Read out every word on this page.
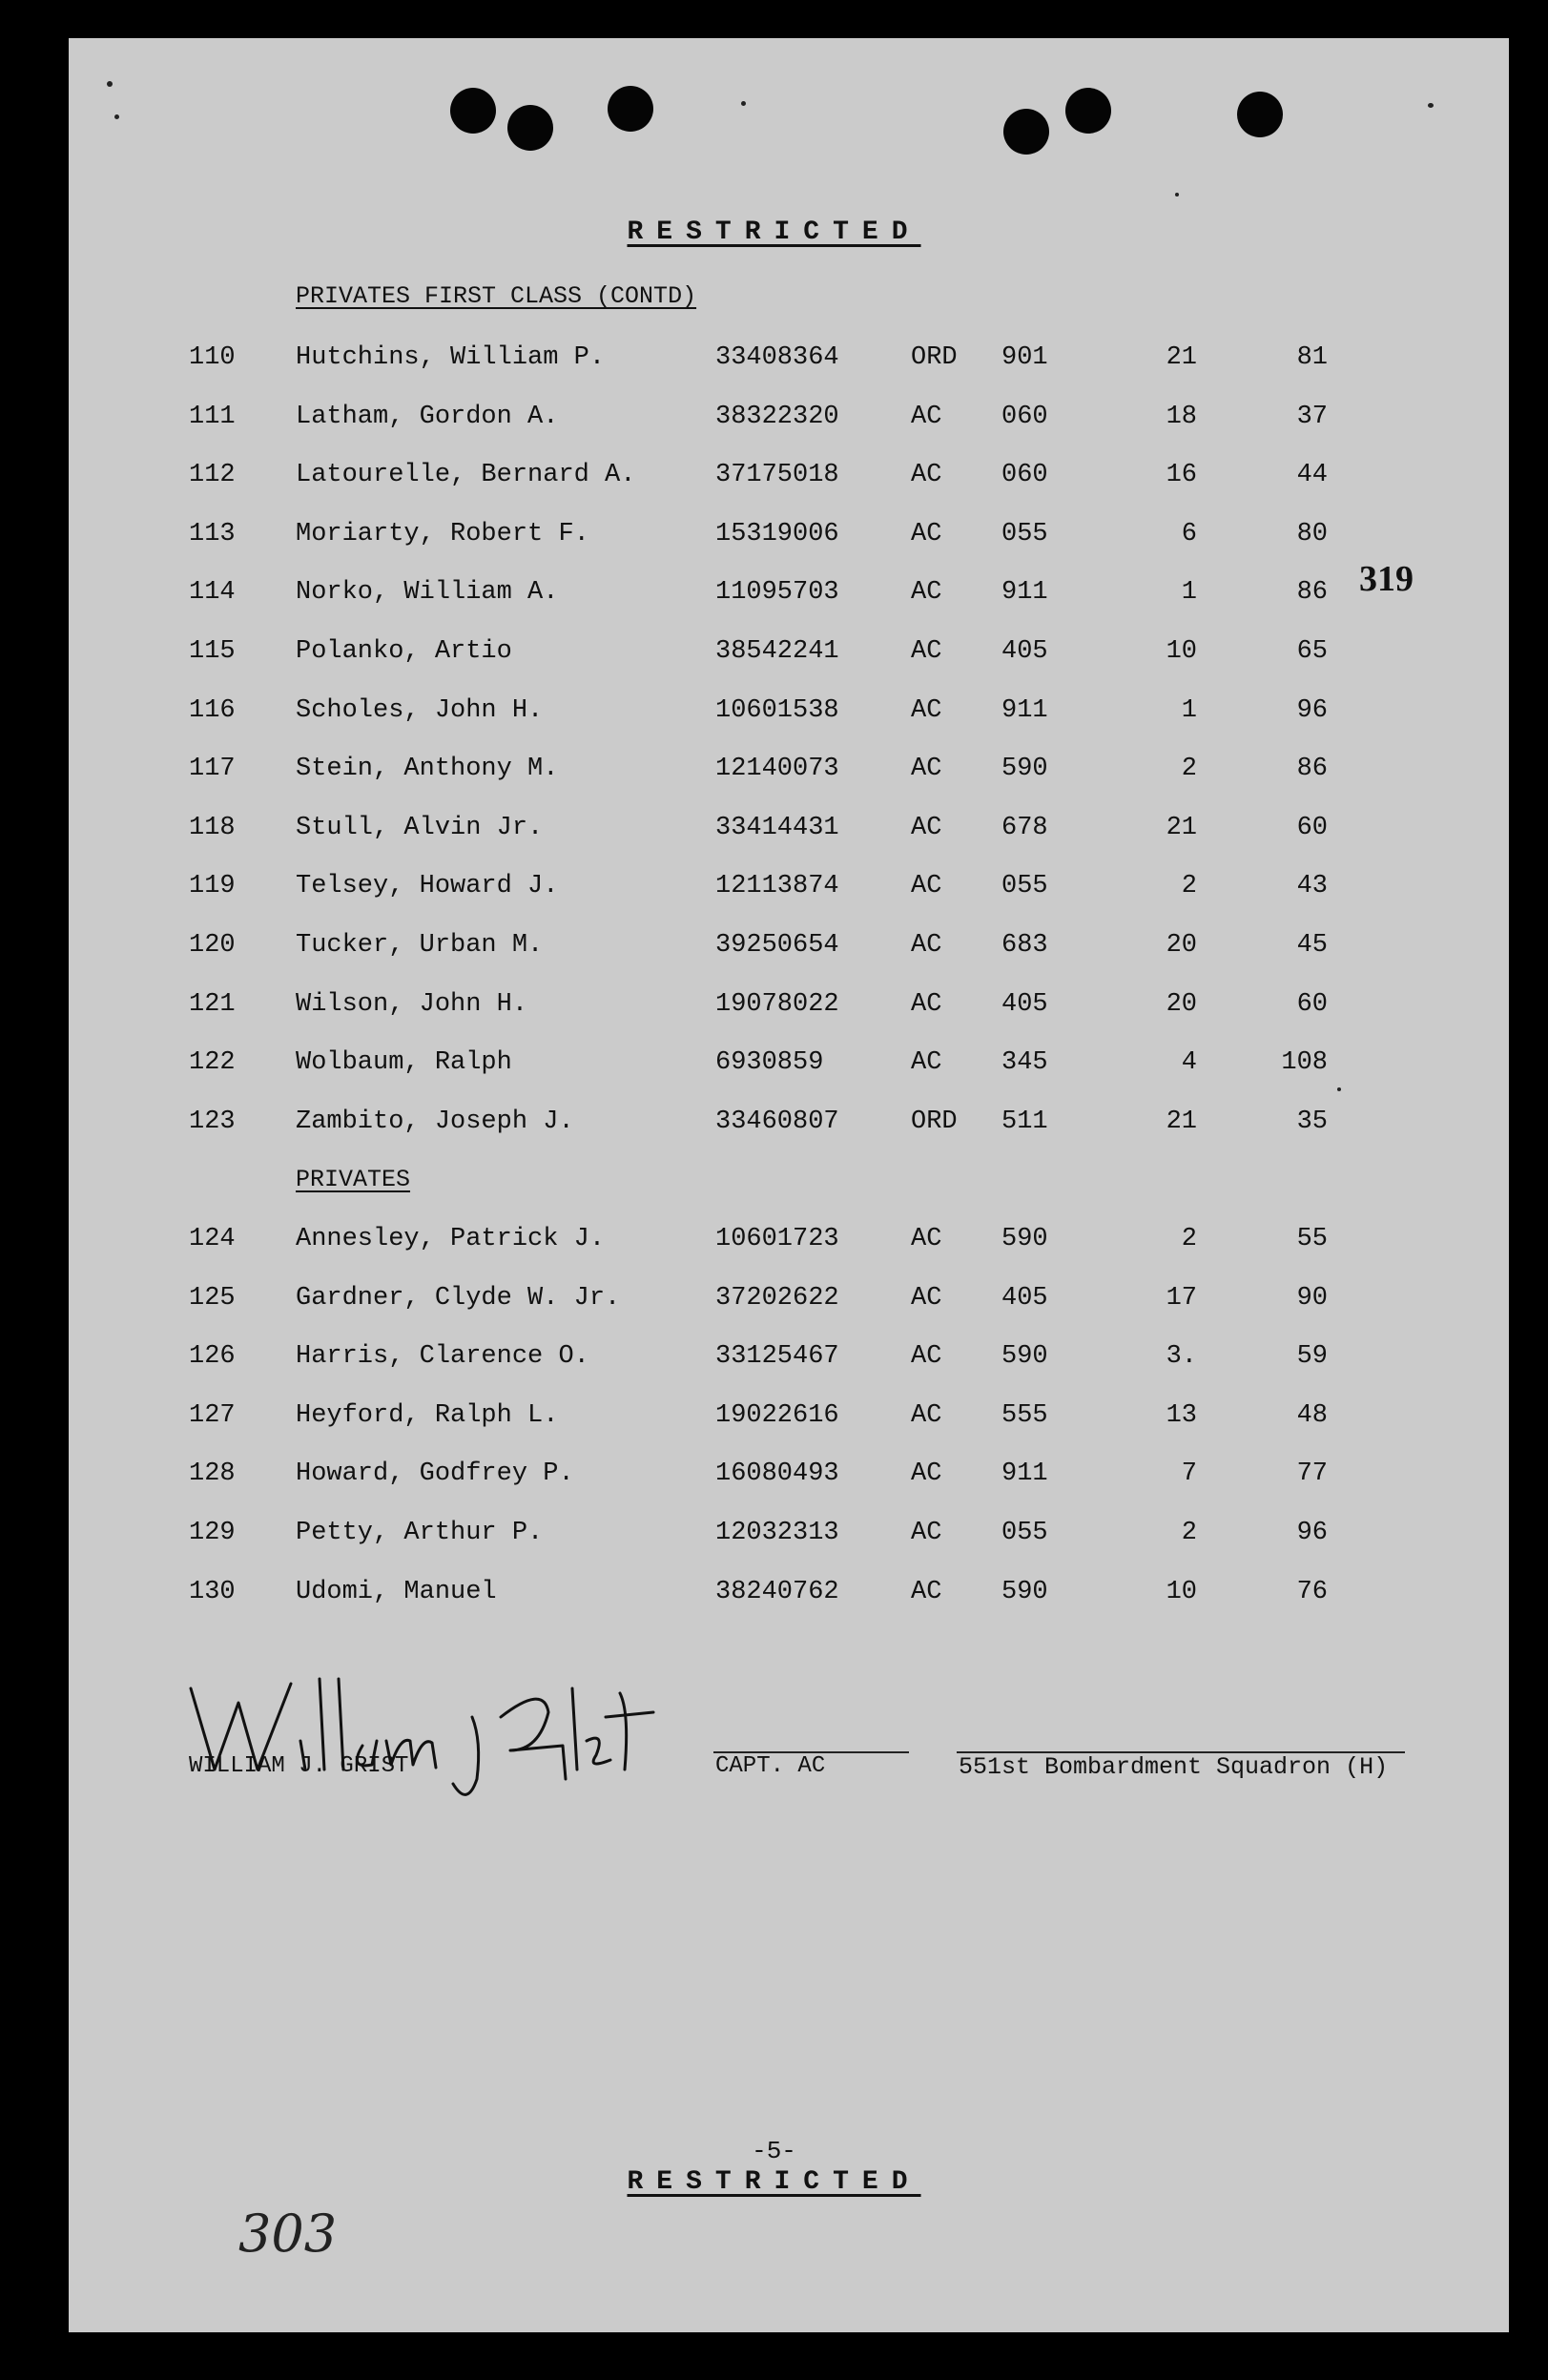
RESTRICTED
PRIVATES FIRST CLASS (CONTD)
110 Hutchins, William P.	33408364	ORD 901	21	81
111 Latham, Gordon A.	38322320	AC 060	18	37
112 Latourelle, Bernard A.	37175018	AC 060	16	44
113 Moriarty, Robert F.	15319006	AC 055	6	80
114 Norko, William A.	11095703	AC 911	1	86
115 Polanko, Artio	38542241	AC 405	10	65
116 Scholes, John H.	10601538	AC 911	1	96
117 Stein, Anthony M.	12140073	AC 590	2	86
118 Stull, Alvin Jr.	33414431	AC 678	21	60
119 Telsey, Howard J.	12113874	AC 055	2	43
120 Tucker, Urban M.	39250654	AC 683	20	45
121 Wilson, John H.	19078022	AC 405	20	60
122 Wolbaum, Ralph	6930859	AC 345	4	108
123 Zambito, Joseph J.	33460807	ORD 511	21	35
PRIVATES
124 Annesley, Patrick J.	10601723	AC 590	2	55
125 Gardner, Clyde W. Jr.	37202622	AC 405	17	90
126 Harris, Clarence O.	33125467	AC 590	3.	59
127 Heyford, Ralph L.	19022616	AC 555	13	48
128 Howard, Godfrey P.	16080493	AC 911	7	77
129 Petty, Arthur P.	12032313	AC 055	2	96
130 Udomi, Manuel	38240762	AC 590	10	76
WILLIAM J. GRIST	CAPT. AC	551st Bombardment Squadron (H)
319
-5-
RESTRICTED
303
